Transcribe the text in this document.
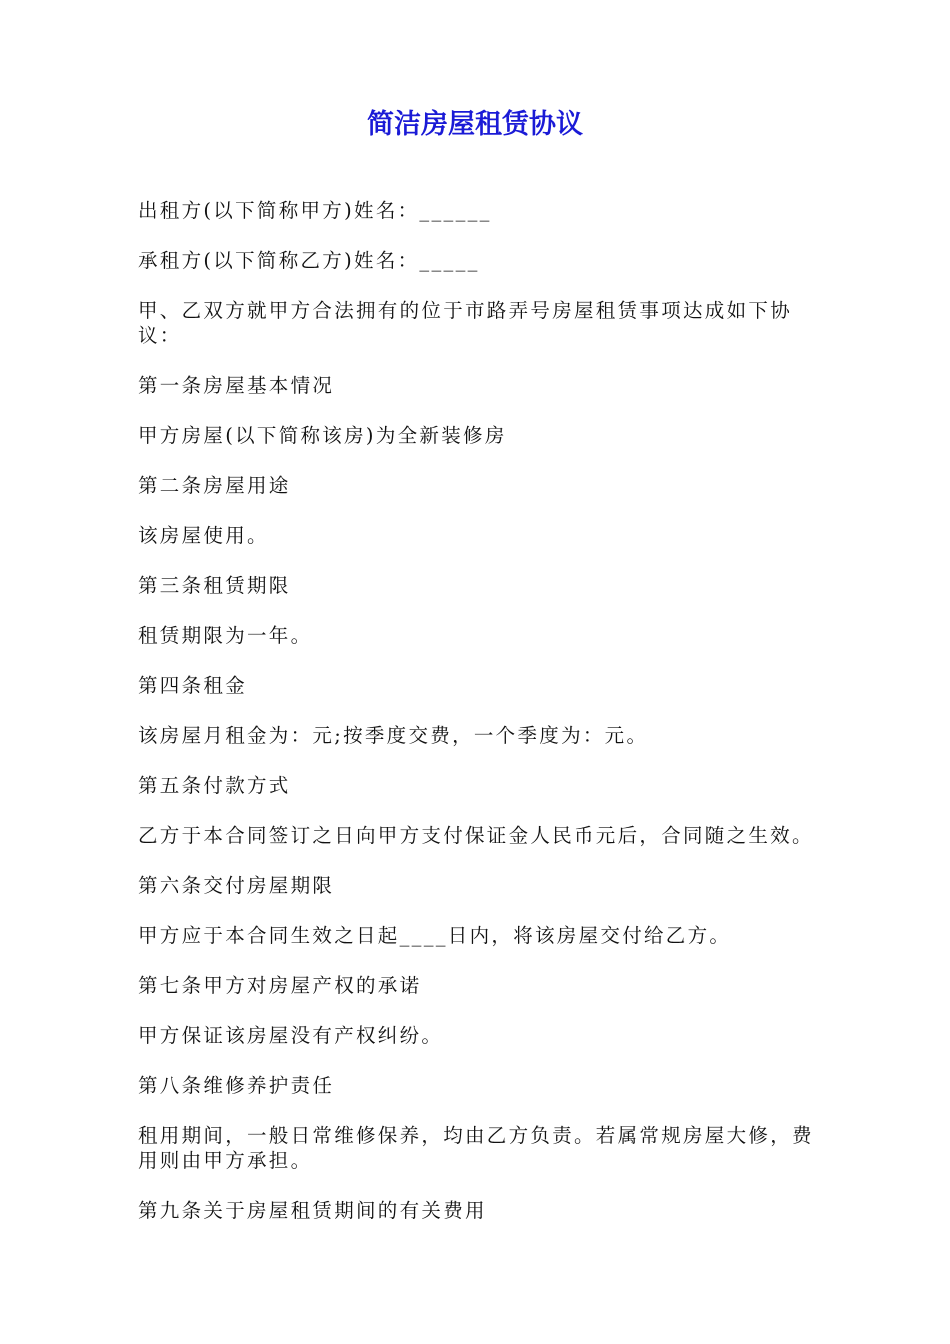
简洁房屋租赁协议

出租方(以下简称甲方)姓名：______

承租方(以下简称乙方)姓名：_____

甲、乙双方就甲方合法拥有的位于市路弄号房屋租赁事项达成如下协议：

第一条房屋基本情况

甲方房屋(以下简称该房)为全新装修房

第二条房屋用途

该房屋使用。

第三条租赁期限

租赁期限为一年。

第四条租金

该房屋月租金为：元;按季度交费，一个季度为：元。

第五条付款方式

乙方于本合同签订之日向甲方支付保证金人民币元后，合同随之生效。

第六条交付房屋期限

甲方应于本合同生效之日起____日内，将该房屋交付给乙方。

第七条甲方对房屋产权的承诺

甲方保证该房屋没有产权纠纷。

第八条维修养护责任

租用期间，一般日常维修保养，均由乙方负责。若属常规房屋大修，费用则由甲方承担。

第九条关于房屋租赁期间的有关费用
